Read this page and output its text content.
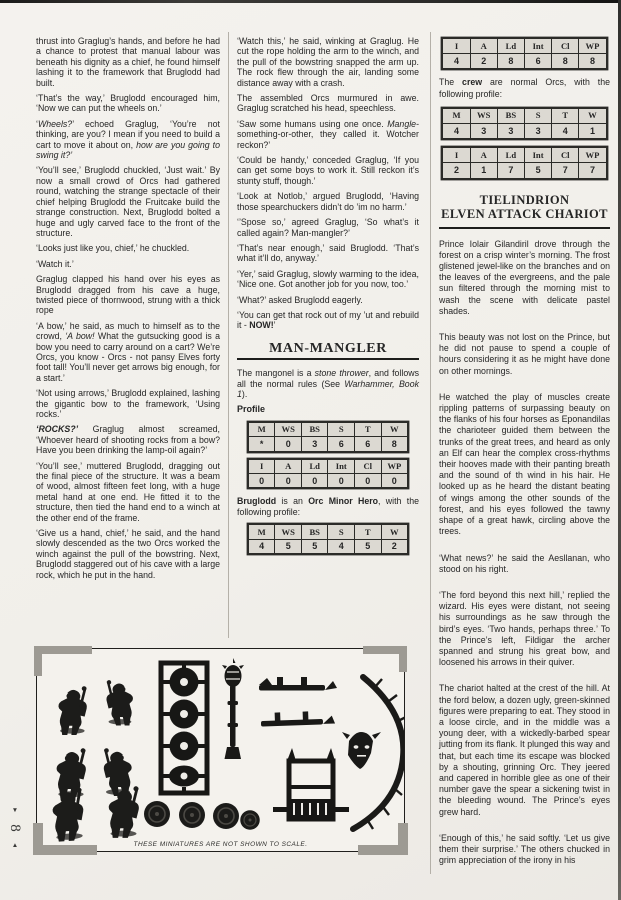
▼
8
▲

thrust into Graglug’s hands, and before he had a chance to protest that manual labour was beneath his dignity as a chief, he found himself lashing it to the framework that Bruglodd had built.

‘That’s the way,’ Bruglodd encouraged him, ‘Now we can put the wheels on.’

‘Wheels?’ echoed Graglug, ‘You’re not thinking, are you? I mean if you need to build a cart to move it about on, how are you going to swing it?’

‘You’ll see,’ Bruglodd chuckled, ‘Just wait.’ By now a small crowd of Orcs had gathered round, watching the strange spectacle of their chief helping Bruglodd the Fruitcake build the strange construction. Next, Bruglodd bolted a huge and ugly carved face to the front of the structure.

‘Looks just like you, chief,’ he chuckled.

‘Watch it.’

Graglug clapped his hand over his eyes as Bruglodd dragged from his cave a huge, twisted piece of thornwood, strung with a thick rope

‘A bow,’ he said, as much to himself as to the crowd, ‘A bow! What the gutsucking good is a bow you need to carry around on a cart? We’re Orcs, you know - Orcs - not pansy Elves forty foot tall! You’ll never get arrows big enough, for a start.’

‘Not using arrows,’ Bruglodd explained, lashing the gigantic bow to the framework, ‘Using rocks.’

‘ROCKS?’ Graglug almost screamed, ‘Whoever heard of shooting rocks from a bow? Have you been drinking the lamp-oil again?’

‘You’ll see,’ muttered Bruglodd, dragging out the final piece of the structure. It was a beam of wood, almost fifteen feet long, with a huge metal hand at one end. He fitted it to the structure, then tied the hand end to a winch at the other end of the frame.

‘Give us a hand, chief,’ he said, and the hand slowly descended as the two Orcs worked the winch against the pull of the bowstring. Next, Bruglodd staggered out of his cave with a large rock, which he put in the hand.

‘Watch this,’ he said, winking at Graglug. He cut the rope holding the arm to the winch, and the pull of the bowstring snapped the arm up. The rock flew through the air, landing some distance away with a crash.

The assembled Orcs murmured in awe. Graglug scratched his head, speechless.

‘Saw some humans using one once. Mangle-something-or-other, they called it. Wotcher reckon?’

‘Could be handy,’ conceded Graglug, ‘If you can get some boys to work it. Still reckon it’s stunty stuff, though.’

‘Look at Notlob,’ argued Bruglodd, ‘Having those spearchuckers didn’t do ’im no harm.’

‘’Spose so,’ agreed Graglug, ‘So what’s it called again? Man-mangler?’

‘That’s near enough,’ said Bruglodd. ‘That’s what it’ll do, anyway.’

‘Yer,’ said Graglug, slowly warming to the idea, ‘Nice one. Got another job for you now, too.’

‘What?’ asked Bruglodd eagerly.

‘You can get that rock out of my ’ut and rebuild it - NOW!’

MAN-MANGLER

The mangonel is a stone thrower, and follows all the normal rules (See Warhammer, Book 1).

Profile

M	WS	BS	S	T	W
*	0	3	6	6	8
I	A	Ld	Int	Cl	WP
0	0	0	0	0	0

Bruglodd is an Orc Minor Hero, with the following profile:

M	WS	BS	S	T	W
4	5	5	4	5	2
I	A	Ld	Int	Cl	WP
4	2	8	6	8	8

The crew are normal Orcs, with the following profile:

M	WS	BS	S	T	W
4	3	3	3	4	1
I	A	Ld	Int	Cl	WP
2	1	7	5	7	7
TIELINDRION
ELVEN ATTACK CHARIOT

Prince Iolair Gilandiril drove through the forest on a crisp winter’s morning. The frost glistened jewel-like on the branches and on the leaves of the evergreens, and the pale sun filtered through the morning mist to wash the scene with delicate pastel shades.

This beauty was not lost on the Prince, but he did not pause to spend a couple of hours considering it as he might have done on other mornings.

He watched the play of muscles create rippling patterns of surpassing beauty on the flanks of his four horses as Eponandilas the charioteer guided them between the trunks of the great trees, and heard as only an Elf can hear the complex cross-rhythms their hooves made with their panting breath and the sound of th wind in his hair. He looked up as he heard the distant beating of wings among the other sounds of the forest, and his eyes followed the tawny shape of a great hawk, circling above the trees.

‘What news?’ he said the Aesllanan, who stood on his right.

‘The ford beyond this next hill,’ replied the wizard. His eyes were distant, not seeing his surroundings as he saw through the bird’s eyes. ‘Two hands, perhaps three.’ To the Prince’s left, Fildigar the archer spanned and strung his great bow, and loosened his arrows in their quiver.

The chariot halted at the crest of the hill. At the ford below, a dozen ugly, green-skinned figures were preparing to eat. They stood in a loose circle, and in the middle was a young deer, with a wickedly-barbed spear jutting from its flank. It plunged this way and that, but each time its escape was blocked by a shouting, grinning Orc. They jeered and capered in horrible glee as one of their number gave the spear a sickening twist in the bleeding wound. The Prince’s eyes grew hard.

‘Enough of this,’ he said softly. ‘Let us give them their surprise.’ The others chucked in grim appreciation of the irony in his

THESE MINIATURES ARE NOT SHOWN TO SCALE.
